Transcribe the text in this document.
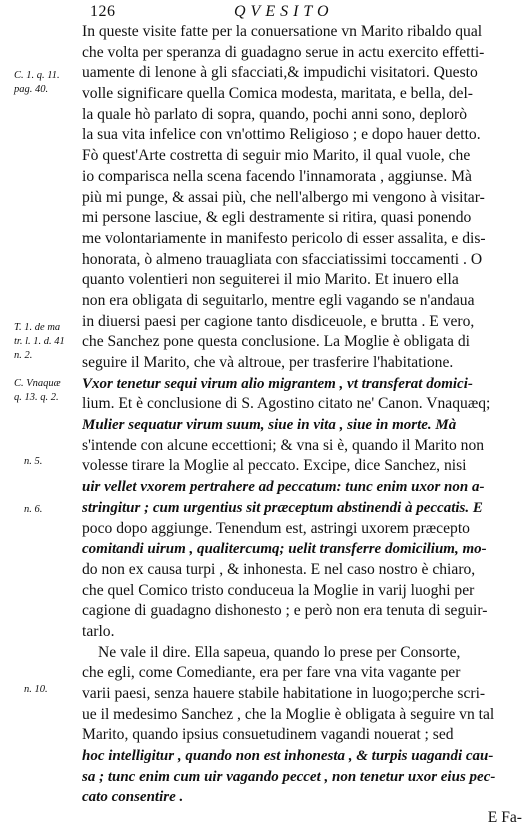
126	QVESITO
C. 1. q. 11.
pag. 40.
T. 1. de ma
tr. l. 1. d. 41
n. 2.
C. Vnaquæ
q. 13. q. 2.
n. 5.
n. 6.
n. 10.
In queste visite fatte per la conuersatione vn Marito ribaldo qual
che volta per speranza di guadagno serue in actu exercito effetti-
uamente di lenone à gli sfacciati,& impudichi visitatori. Questo
volle significare quella Comica modesta, maritata, e bella, del-
la quale hò parlato di sopra, quando, pochi anni sono, deplorò
la sua vita infelice con vn'ottimo Religioso ; e dopo hauer detto.
Fò quest'Arte costretta di seguir mio Marito, il qual vuole, che
io comparisca nella scena facendo l'innamorata , aggiunse. Mà
più mi punge, & assai più, che nell'albergo mi vengono à visitar-
mi persone lasciue, & egli destramente si ritira, quasi ponendo
me volontariamente in manifesto pericolo di esser assalita, e dis-
honorata, ò almeno trauagliata con sfacciatissimi toccamenti . O
quanto volentieri non seguiterei il mio Marito. Et inuero ella
non era obligata di seguitarlo, mentre egli vagando se n'andaua
in diuersi paesi per cagione tanto disdiceuole, e brutta . E vero,
che Sanchez pone questa conclusione. La Moglie è obligata di
seguire il Marito, che và altroue, per trasferire l'habitatione.
Vxor tenetur sequi virum alio migrantem , vt transferat domici-
lium. Et è conclusione di S. Agostino citato ne' Canon. Vnaquæq;
Mulier sequatur virum suum, siue in vita , siue in morte. Mà
s'intende con alcune eccettioni; & vna si è, quando il Marito non
volesse tirare la Moglie al peccato. Excipe, dice Sanchez, nisi
uir vellet vxorem pertrahere ad peccatum: tunc enim uxor non a-
stringitur ; cum urgentius sit præceptum abstinendi à peccatis. E
poco dopo aggiunge. Tenendum est, astringi uxorem præcepto
comitandi uirum , qualitercumq; uelit transferre domicilium, mo-
do non ex causa turpi , & inhonesta. E nel caso nostro è chiaro,
che quel Comico tristo conduceua la Moglie in varij luoghi per
cagione di guadagno dishonesto ; e però non era tenuta di seguir-
tarlo.
Ne vale il dire. Ella sapeua, quando lo prese per Consorte,
che egli, come Comediante, era per fare vna vita vagante per
varii paesi, senza hauere stabile habitatione in luogo;perche scri-
ue il medesimo Sanchez , che la Moglie è obligata à seguire vn tal
Marito, quando ipsius consuetudinem vagandi nouerat ; sed
hoc intelligitur , quando non est inhonesta , & turpis uagandi cau-
sa ; tunc enim cum uir vagando peccet , non tenetur uxor eius pec-
cato consentire .
E Fa-
